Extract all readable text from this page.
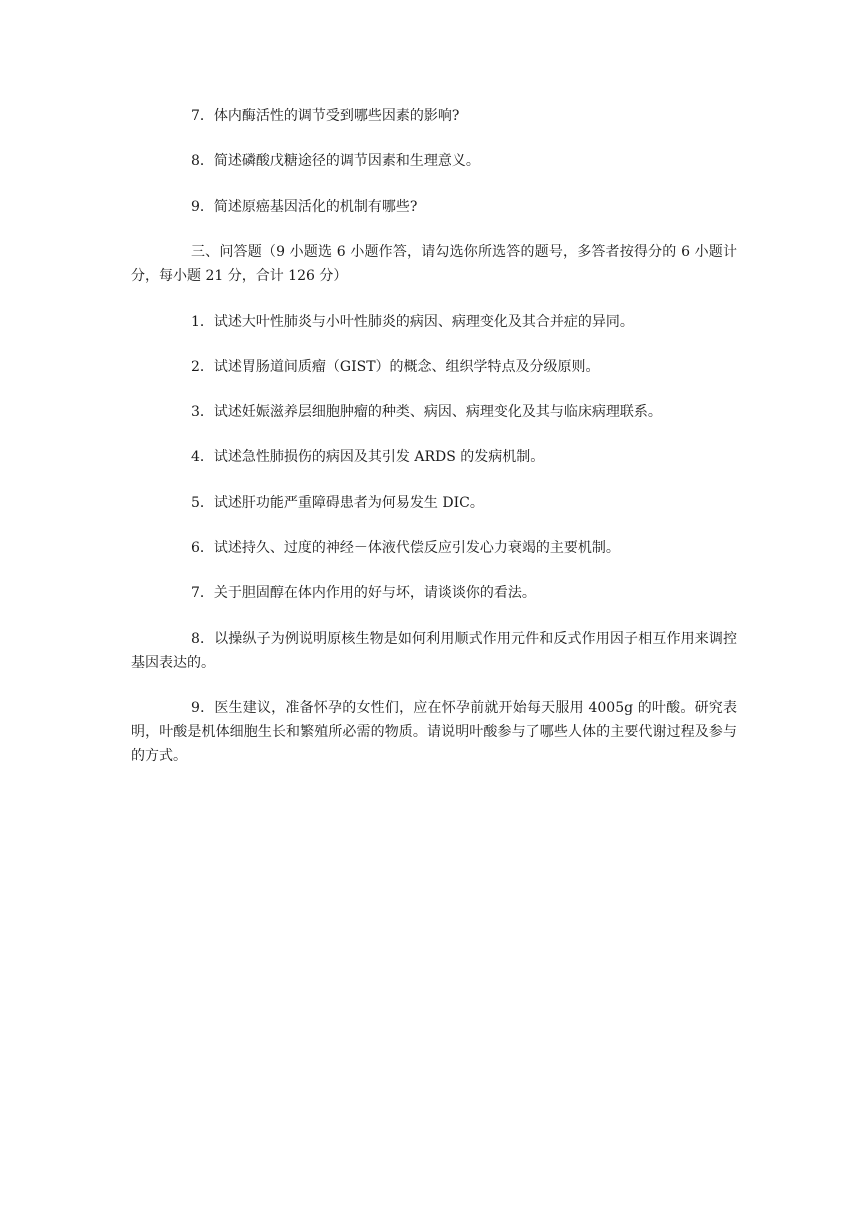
7．体内酶活性的调节受到哪些因素的影响?

8．简述磷酸戊糖途径的调节因素和生理意义。

9．简述原癌基因活化的机制有哪些?

三、问答题（9 小题选 6 小题作答，请勾选你所选答的题号，多答者按得分的 6 小题计分，每小题 21 分，合计 126 分）

1．试述大叶性肺炎与小叶性肺炎的病因、病理变化及其合并症的异同。

2．试述胃肠道间质瘤（GIST）的概念、组织学特点及分级原则。

3．试述妊娠滋养层细胞肿瘤的种类、病因、病理变化及其与临床病理联系。

4．试述急性肺损伤的病因及其引发 ARDS 的发病机制。

5．试述肝功能严重障碍患者为何易发生 DIC。

6．试述持久、过度的神经－体液代偿反应引发心力衰竭的主要机制。

7．关于胆固醇在体内作用的好与坏，请谈谈你的看法。

8．以操纵子为例说明原核生物是如何利用顺式作用元件和反式作用因子相互作用来调控基因表达的。

9．医生建议，准备怀孕的女性们，应在怀孕前就开始每天服用 4005g 的叶酸。研究表明，叶酸是机体细胞生长和繁殖所必需的物质。请说明叶酸参与了哪些人体的主要代谢过程及参与的方式。
